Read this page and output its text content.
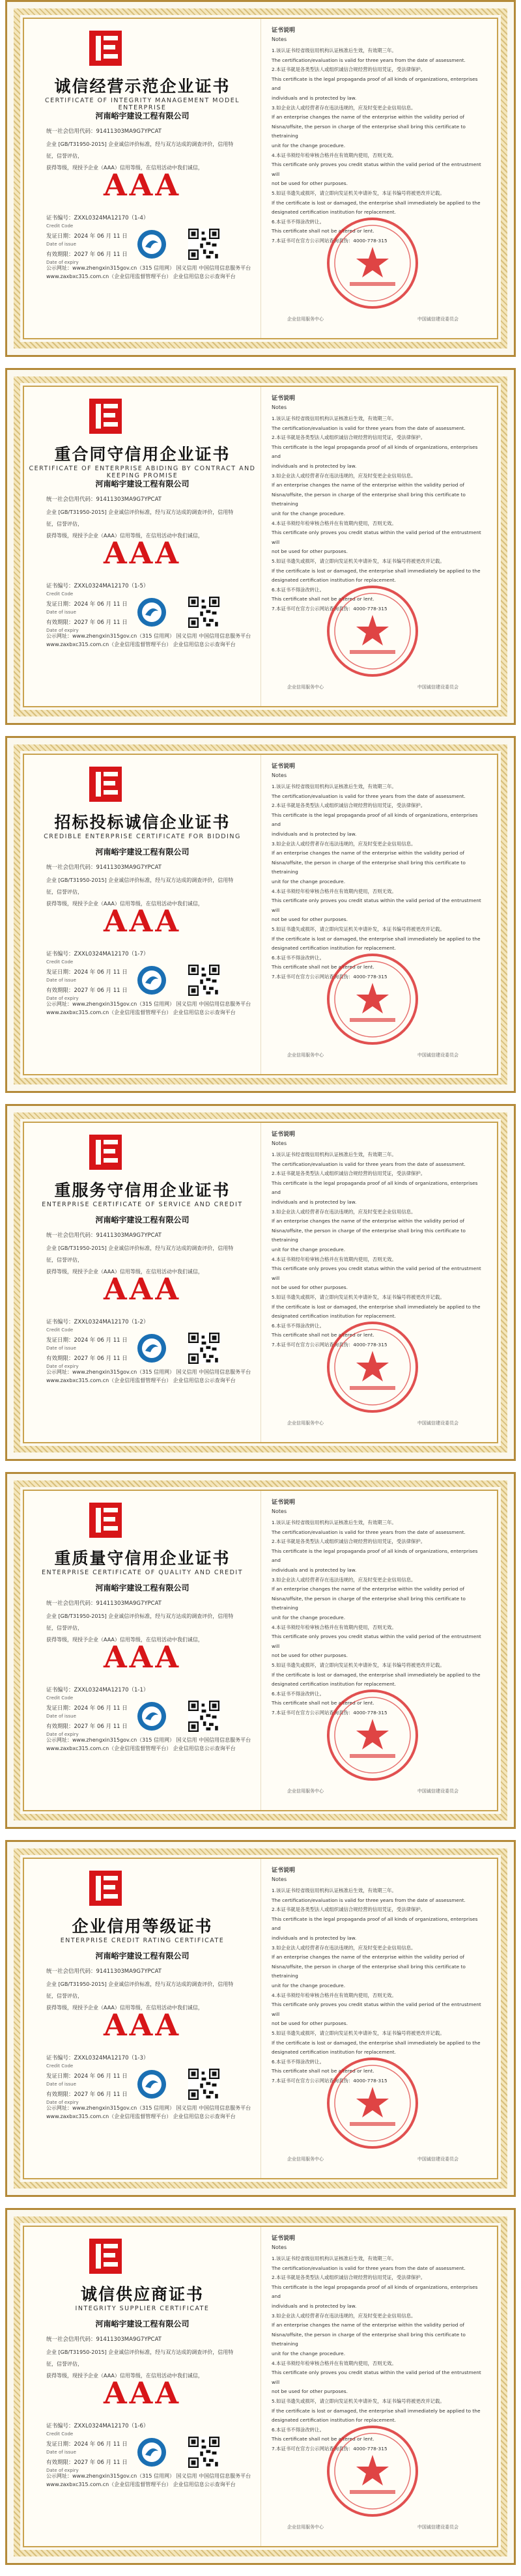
诚信经营示范企业证书
CERTIFICATE OF INTEGRITY MANAGEMENT MODEL ENTERPRISE
河南峪宇建设工程有限公司
统一社会信用代码：91411303MA9G7YPCAT
企业 [GB/T31950-2015] 企业诚信评价标准，经与双方达成的调查评价，信用特征，信誉评估，
获得等级，现授予企业（AAA）信用等级，在信用活动中我们诚信，
AAA
证书编号：ZXXL0324MA12170（1-4）
Credit Code
发证日期：2024 年 06 月 11 日
Date of issue
有效期限：2027 年 06 月 11 日
Date of expiry
公示网址：www.zhengxin315gov.cn（315 信用网） 国义信用 中国信用信息服务平台
www.zaxbxc315.com.cn（企业信用监督管理平台） 企业信用信息公示查询平台
证书说明
Notes
1.该认证书经省级信用机构认证核准后生效，有效期三年。
The certification/evaluation is valid for three years from the date of assessment.
2.本证书就是各类型法人或组织诚信合规经营的信用凭证，受法律保护。
This certificate is the legal propaganda proof of all kinds of organizations, enterprises and
individuals and is protected by law.
3.如企业法人或经营者存在违法违规的，应及时变更企业信用信息。
If an enterprise changes the name of the enterprise within the validity period of
Nisna/offsite, the person in charge of the enterprise shall bring this certificate to thetraining
unit for the change procedure.
4.本证书须经年检审核合格并在有效期内使用，否则无效。
This certificate only proves you credit status within the valid period of the entrustment will
not be used for other purposes.
5.如证书遗失或损坏，请立即向发证机关申请补发，本证书编号将被更改并记载。
If the certificate is lost or damaged, the enterprise shall immediately be applied to the
designated certification institution for replacement.
6.本证书不得涂改转让。
This certificate shall not be altered or lent.
7.本证书可在官方公示网站查询真伪：4000-778-315
企业信用服务中心	中国诚信建设委员会
重合同守信用企业证书
CERTIFICATE OF ENTERPRISE ABIDING BY CONTRACT AND KEEPING PROMISE
河南峪宇建设工程有限公司
统一社会信用代码：91411303MA9G7YPCAT
企业 [GB/T31950-2015] 企业诚信评价标准，经与双方达成的调查评价，信用特征，信誉评估，
获得等级，现授予企业（AAA）信用等级，在信用活动中我们诚信，
AAA
证书编号：ZXXL0324MA12170（1-5）
Credit Code
发证日期：2024 年 06 月 11 日
Date of issue
有效期限：2027 年 06 月 11 日
Date of expiry
公示网址：www.zhengxin315gov.cn（315 信用网） 国义信用 中国信用信息服务平台
www.zaxbxc315.com.cn（企业信用监督管理平台） 企业信用信息公示查询平台
证书说明
Notes
1.该认证书经省级信用机构认证核准后生效，有效期三年。
The certification/evaluation is valid for three years from the date of assessment.
2.本证书就是各类型法人或组织诚信合规经营的信用凭证，受法律保护。
This certificate is the legal propaganda proof of all kinds of organizations, enterprises and
individuals and is protected by law.
3.如企业法人或经营者存在违法违规的，应及时变更企业信用信息。
If an enterprise changes the name of the enterprise within the validity period of
Nisna/offsite, the person in charge of the enterprise shall bring this certificate to thetraining
unit for the change procedure.
4.本证书须经年检审核合格并在有效期内使用，否则无效。
This certificate only proves you credit status within the valid period of the entrustment will
not be used for other purposes.
5.如证书遗失或损坏，请立即向发证机关申请补发，本证书编号将被更改并记载。
If the certificate is lost or damaged, the enterprise shall immediately be applied to the
designated certification institution for replacement.
6.本证书不得涂改转让。
This certificate shall not be altered or lent.
7.本证书可在官方公示网站查询真伪：4000-778-315
企业信用服务中心	中国诚信建设委员会
招标投标诚信企业证书
CREDIBLE ENTERPRISE CERTIFICATE FOR BIDDING
河南峪宇建设工程有限公司
统一社会信用代码：91411303MA9G7YPCAT
企业 [GB/T31950-2015] 企业诚信评价标准，经与双方达成的调查评价，信用特征，信誉评估，
获得等级，现授予企业（AAA）信用等级，在信用活动中我们诚信，
AAA
证书编号：ZXXL0324MA12170（1-7）
Credit Code
发证日期：2024 年 06 月 11 日
Date of issue
有效期限：2027 年 06 月 11 日
Date of expiry
公示网址：www.zhengxin315gov.cn（315 信用网） 国义信用 中国信用信息服务平台
www.zaxbxc315.com.cn（企业信用监督管理平台） 企业信用信息公示查询平台
证书说明
Notes
1.该认证书经省级信用机构认证核准后生效，有效期三年。
The certification/evaluation is valid for three years from the date of assessment.
2.本证书就是各类型法人或组织诚信合规经营的信用凭证，受法律保护。
This certificate is the legal propaganda proof of all kinds of organizations, enterprises and
individuals and is protected by law.
3.如企业法人或经营者存在违法违规的，应及时变更企业信用信息。
If an enterprise changes the name of the enterprise within the validity period of
Nisna/offsite, the person in charge of the enterprise shall bring this certificate to thetraining
unit for the change procedure.
4.本证书须经年检审核合格并在有效期内使用，否则无效。
This certificate only proves you credit status within the valid period of the entrustment will
not be used for other purposes.
5.如证书遗失或损坏，请立即向发证机关申请补发，本证书编号将被更改并记载。
If the certificate is lost or damaged, the enterprise shall immediately be applied to the
designated certification institution for replacement.
6.本证书不得涂改转让。
This certificate shall not be altered or lent.
7.本证书可在官方公示网站查询真伪：4000-778-315
企业信用服务中心	中国诚信建设委员会
重服务守信用企业证书
ENTERPRISE CERTIFICATE OF SERVICE AND CREDIT
河南峪宇建设工程有限公司
统一社会信用代码：91411303MA9G7YPCAT
企业 [GB/T31950-2015] 企业诚信评价标准，经与双方达成的调查评价，信用特征，信誉评估，
获得等级，现授予企业（AAA）信用等级，在信用活动中我们诚信，
AAA
证书编号：ZXXL0324MA12170（1-2）
Credit Code
发证日期：2024 年 06 月 11 日
Date of issue
有效期限：2027 年 06 月 11 日
Date of expiry
公示网址：www.zhengxin315gov.cn（315 信用网） 国义信用 中国信用信息服务平台
www.zaxbxc315.com.cn（企业信用监督管理平台） 企业信用信息公示查询平台
证书说明
Notes
1.该认证书经省级信用机构认证核准后生效，有效期三年。
The certification/evaluation is valid for three years from the date of assessment.
2.本证书就是各类型法人或组织诚信合规经营的信用凭证，受法律保护。
This certificate is the legal propaganda proof of all kinds of organizations, enterprises and
individuals and is protected by law.
3.如企业法人或经营者存在违法违规的，应及时变更企业信用信息。
If an enterprise changes the name of the enterprise within the validity period of
Nisna/offsite, the person in charge of the enterprise shall bring this certificate to thetraining
unit for the change procedure.
4.本证书须经年检审核合格并在有效期内使用，否则无效。
This certificate only proves you credit status within the valid period of the entrustment will
not be used for other purposes.
5.如证书遗失或损坏，请立即向发证机关申请补发，本证书编号将被更改并记载。
If the certificate is lost or damaged, the enterprise shall immediately be applied to the
designated certification institution for replacement.
6.本证书不得涂改转让。
This certificate shall not be altered or lent.
7.本证书可在官方公示网站查询真伪：4000-778-315
企业信用服务中心	中国诚信建设委员会
重质量守信用企业证书
ENTERPRISE CERTIFICATE OF QUALITY AND CREDIT
河南峪宇建设工程有限公司
统一社会信用代码：91411303MA9G7YPCAT
企业 [GB/T31950-2015] 企业诚信评价标准，经与双方达成的调查评价，信用特征，信誉评估，
获得等级，现授予企业（AAA）信用等级，在信用活动中我们诚信，
AAA
证书编号：ZXXL0324MA12170（1-1）
Credit Code
发证日期：2024 年 06 月 11 日
Date of issue
有效期限：2027 年 06 月 11 日
Date of expiry
公示网址：www.zhengxin315gov.cn（315 信用网） 国义信用 中国信用信息服务平台
www.zaxbxc315.com.cn（企业信用监督管理平台） 企业信用信息公示查询平台
证书说明
Notes
1.该认证书经省级信用机构认证核准后生效，有效期三年。
The certification/evaluation is valid for three years from the date of assessment.
2.本证书就是各类型法人或组织诚信合规经营的信用凭证，受法律保护。
This certificate is the legal propaganda proof of all kinds of organizations, enterprises and
individuals and is protected by law.
3.如企业法人或经营者存在违法违规的，应及时变更企业信用信息。
If an enterprise changes the name of the enterprise within the validity period of
Nisna/offsite, the person in charge of the enterprise shall bring this certificate to thetraining
unit for the change procedure.
4.本证书须经年检审核合格并在有效期内使用，否则无效。
This certificate only proves you credit status within the valid period of the entrustment will
not be used for other purposes.
5.如证书遗失或损坏，请立即向发证机关申请补发，本证书编号将被更改并记载。
If the certificate is lost or damaged, the enterprise shall immediately be applied to the
designated certification institution for replacement.
6.本证书不得涂改转让。
This certificate shall not be altered or lent.
7.本证书可在官方公示网站查询真伪：4000-778-315
企业信用服务中心	中国诚信建设委员会
企业信用等级证书
ENTERPRISE CREDIT RATING CERTIFICATE
河南峪宇建设工程有限公司
统一社会信用代码：91411303MA9G7YPCAT
企业 [GB/T31950-2015] 企业诚信评价标准，经与双方达成的调查评价，信用特征，信誉评估，
获得等级，现授予企业（AAA）信用等级，在信用活动中我们诚信，
AAA
证书编号：ZXXL0324MA12170（1-3）
Credit Code
发证日期：2024 年 06 月 11 日
Date of issue
有效期限：2027 年 06 月 11 日
Date of expiry
公示网址：www.zhengxin315gov.cn（315 信用网） 国义信用 中国信用信息服务平台
www.zaxbxc315.com.cn（企业信用监督管理平台） 企业信用信息公示查询平台
证书说明
Notes
1.该认证书经省级信用机构认证核准后生效，有效期三年。
The certification/evaluation is valid for three years from the date of assessment.
2.本证书就是各类型法人或组织诚信合规经营的信用凭证，受法律保护。
This certificate is the legal propaganda proof of all kinds of organizations, enterprises and
individuals and is protected by law.
3.如企业法人或经营者存在违法违规的，应及时变更企业信用信息。
If an enterprise changes the name of the enterprise within the validity period of
Nisna/offsite, the person in charge of the enterprise shall bring this certificate to thetraining
unit for the change procedure.
4.本证书须经年检审核合格并在有效期内使用，否则无效。
This certificate only proves you credit status within the valid period of the entrustment will
not be used for other purposes.
5.如证书遗失或损坏，请立即向发证机关申请补发，本证书编号将被更改并记载。
If the certificate is lost or damaged, the enterprise shall immediately be applied to the
designated certification institution for replacement.
6.本证书不得涂改转让。
This certificate shall not be altered or lent.
7.本证书可在官方公示网站查询真伪：4000-778-315
企业信用服务中心	中国诚信建设委员会
诚信供应商证书
INTEGRITY SUPPLIER CERTIFICATE
河南峪宇建设工程有限公司
统一社会信用代码：91411303MA9G7YPCAT
企业 [GB/T31950-2015] 企业诚信评价标准，经与双方达成的调查评价，信用特征，信誉评估，
获得等级，现授予企业（AAA）信用等级，在信用活动中我们诚信，
AAA
证书编号：ZXXL0324MA12170（1-6）
Credit Code
发证日期：2024 年 06 月 11 日
Date of issue
有效期限：2027 年 06 月 11 日
Date of expiry
公示网址：www.zhengxin315gov.cn（315 信用网） 国义信用 中国信用信息服务平台
www.zaxbxc315.com.cn（企业信用监督管理平台） 企业信用信息公示查询平台
证书说明
Notes
1.该认证书经省级信用机构认证核准后生效，有效期三年。
The certification/evaluation is valid for three years from the date of assessment.
2.本证书就是各类型法人或组织诚信合规经营的信用凭证，受法律保护。
This certificate is the legal propaganda proof of all kinds of organizations, enterprises and
individuals and is protected by law.
3.如企业法人或经营者存在违法违规的，应及时变更企业信用信息。
If an enterprise changes the name of the enterprise within the validity period of
Nisna/offsite, the person in charge of the enterprise shall bring this certificate to thetraining
unit for the change procedure.
4.本证书须经年检审核合格并在有效期内使用，否则无效。
This certificate only proves you credit status within the valid period of the entrustment will
not be used for other purposes.
5.如证书遗失或损坏，请立即向发证机关申请补发，本证书编号将被更改并记载。
If the certificate is lost or damaged, the enterprise shall immediately be applied to the
designated certification institution for replacement.
6.本证书不得涂改转让。
This certificate shall not be altered or lent.
7.本证书可在官方公示网站查询真伪：4000-778-315
企业信用服务中心	中国诚信建设委员会
